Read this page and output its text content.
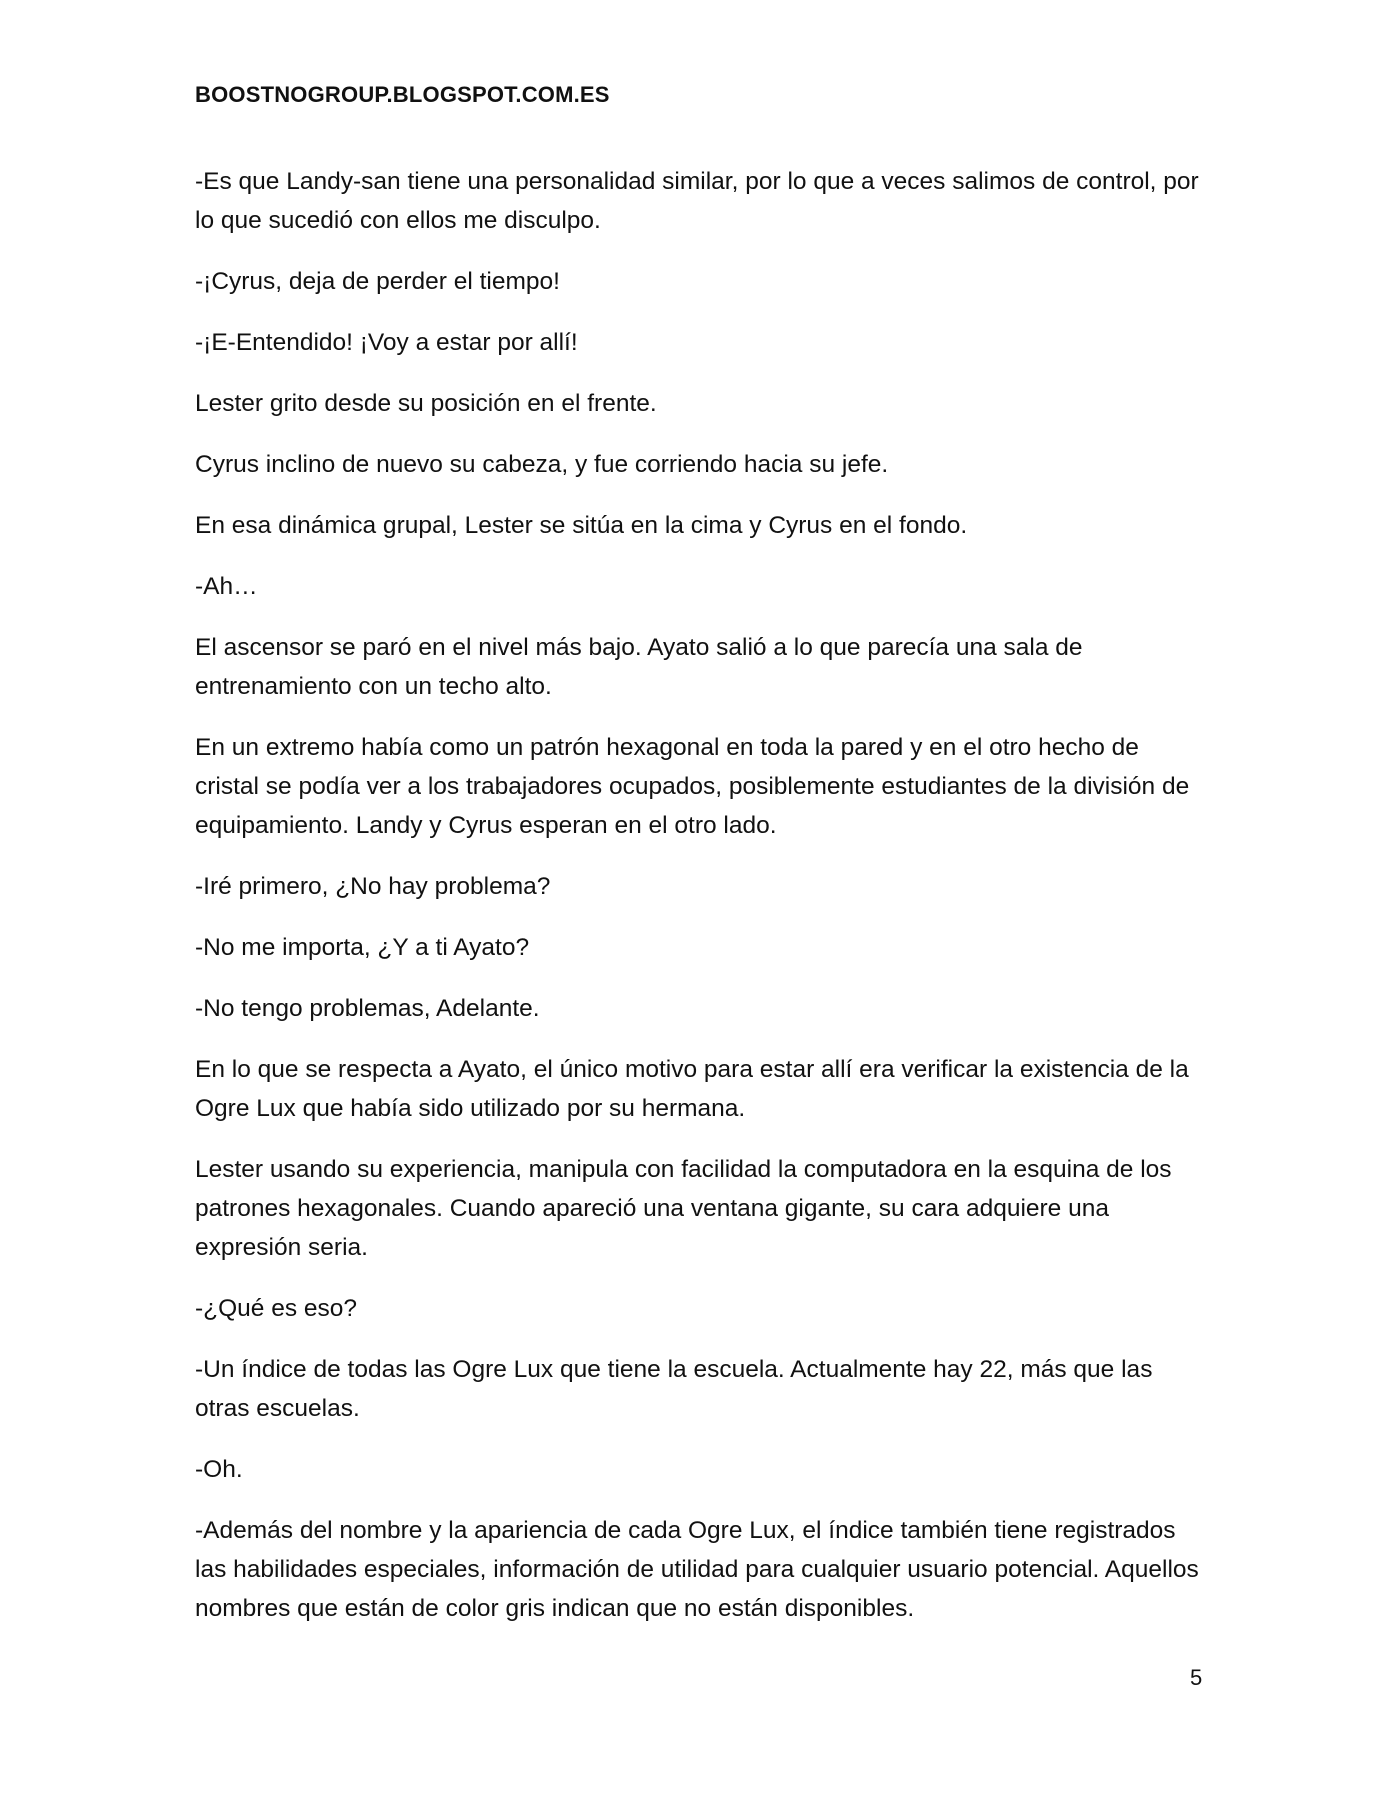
BOOSTNOGROUP.BLOGSPOT.COM.ES

-Es que Landy-san tiene una personalidad similar, por lo que a veces salimos de control, por lo que sucedió con ellos me disculpo.

-¡Cyrus, deja de perder el tiempo!

-¡E-Entendido! ¡Voy a estar por allí!

Lester grito desde su posición en el frente.

Cyrus inclino de nuevo su cabeza, y fue corriendo hacia su jefe.

En esa dinámica grupal, Lester se sitúa en la cima y Cyrus en el fondo.

-Ah…

El ascensor se paró en el nivel más bajo. Ayato salió a lo que parecía una sala de entrenamiento con un techo alto.

En un extremo había como un patrón hexagonal en toda la pared y en el otro hecho de cristal se podía ver a los trabajadores ocupados, posiblemente estudiantes de la división de equipamiento. Landy y Cyrus esperan en el otro lado.

-Iré primero, ¿No hay problema?

-No me importa, ¿Y a ti Ayato?

-No tengo problemas, Adelante.

En lo que se respecta a Ayato, el único motivo para estar allí era verificar la existencia de la Ogre Lux que había sido utilizado por su hermana.

Lester usando su experiencia, manipula con facilidad la computadora en la esquina de los patrones hexagonales. Cuando apareció una ventana gigante, su cara adquiere una expresión seria.

-¿Qué es eso?

-Un índice de todas las Ogre Lux que tiene la escuela. Actualmente hay 22, más que las otras escuelas.

-Oh.

-Además del nombre y la apariencia de cada Ogre Lux, el índice también tiene registrados las habilidades especiales, información de utilidad para cualquier usuario potencial. Aquellos nombres que están de color gris indican que no están disponibles.

5
